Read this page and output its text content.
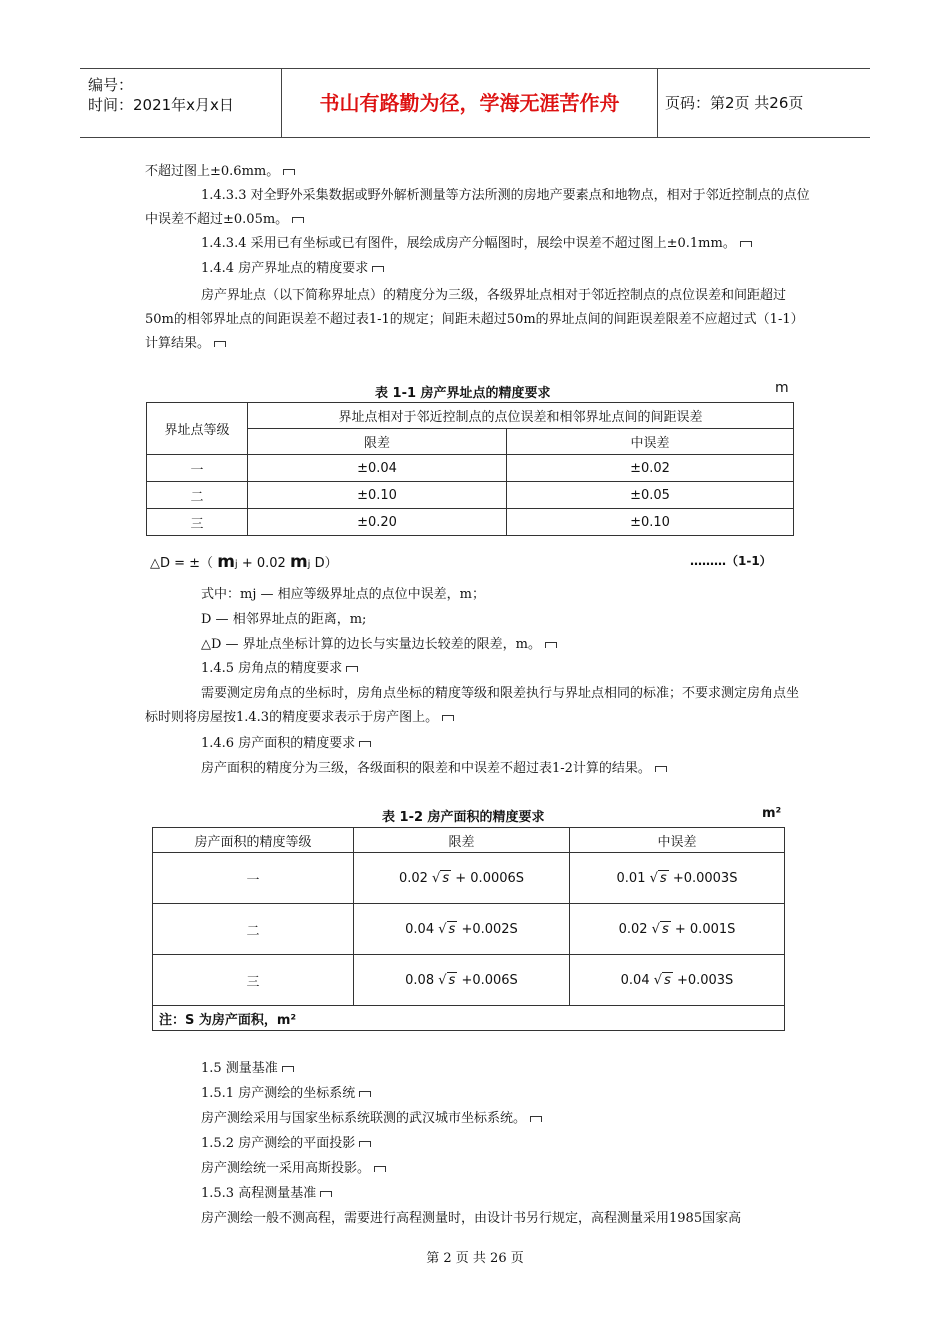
编号：
时间：2021年x月x日	书山有路勤为径，学海无涯苦作舟	页码：第2页 共26页

不超过图上±0.6mm。

1.4.3.3 对全野外采集数据或野外解析测量等方法所测的房地产要素点和地物点，相对于邻近控制点的点位中误差不超过±0.05m。

1.4.3.4 采用已有坐标或已有图件，展绘成房产分幅图时，展绘中误差不超过图上±0.1mm。

1.4.4 房产界址点的精度要求

房产界址点（以下简称界址点）的精度分为三级，各级界址点相对于邻近控制点的点位误差和间距超过50m的相邻界址点的间距误差不超过表1-1的规定；间距未超过50m的界址点间的间距误差限差不应超过式（1-1）计算结果。

表 1-1 房产界址点的精度要求	m
界址点等级	界址点相对于邻近控制点的点位误差和相邻界址点间的间距误差	
	限差	中误差
一	±0.04	±0.02
二	±0.10	±0.05
三	±0.20	±0.10
△D = ±（ mj + 0.02 mj D）	………（1-1）

式中：mj — 相应等级界址点的点位中误差，m；

D — 相邻界址点的距离，m;

△D — 界址点坐标计算的边长与实量边长较差的限差，m。

1.4.5 房角点的精度要求

需要测定房角点的坐标时，房角点坐标的精度等级和限差执行与界址点相同的标准；不要求测定房角点坐标时则将房屋按1.4.3的精度要求表示于房产图上。

1.4.6 房产面积的精度要求

房产面积的精度分为三级，各级面积的限差和中误差不超过表1-2计算的结果。

表 1-2 房产面积的精度要求	m²
房产面积的精度等级	限差	中误差
一	0.02 √ s + 0.0006S	0.01 √ s +0.0003S
二	0.04 √ s +0.002S	0.02 √ s + 0.001S
三	0.08 √ s +0.006S	0.04 √ s +0.003S
注：S 为房产面积，m²		

1.5 测量基准

1.5.1 房产测绘的坐标系统

房产测绘采用与国家坐标系统联测的武汉城市坐标系统。

1.5.2 房产测绘的平面投影

房产测绘统一采用高斯投影。

1.5.3 高程测量基准

房产测绘一般不测高程，需要进行高程测量时，由设计书另行规定，高程测量采用1985国家高

第 2 页 共 26 页
